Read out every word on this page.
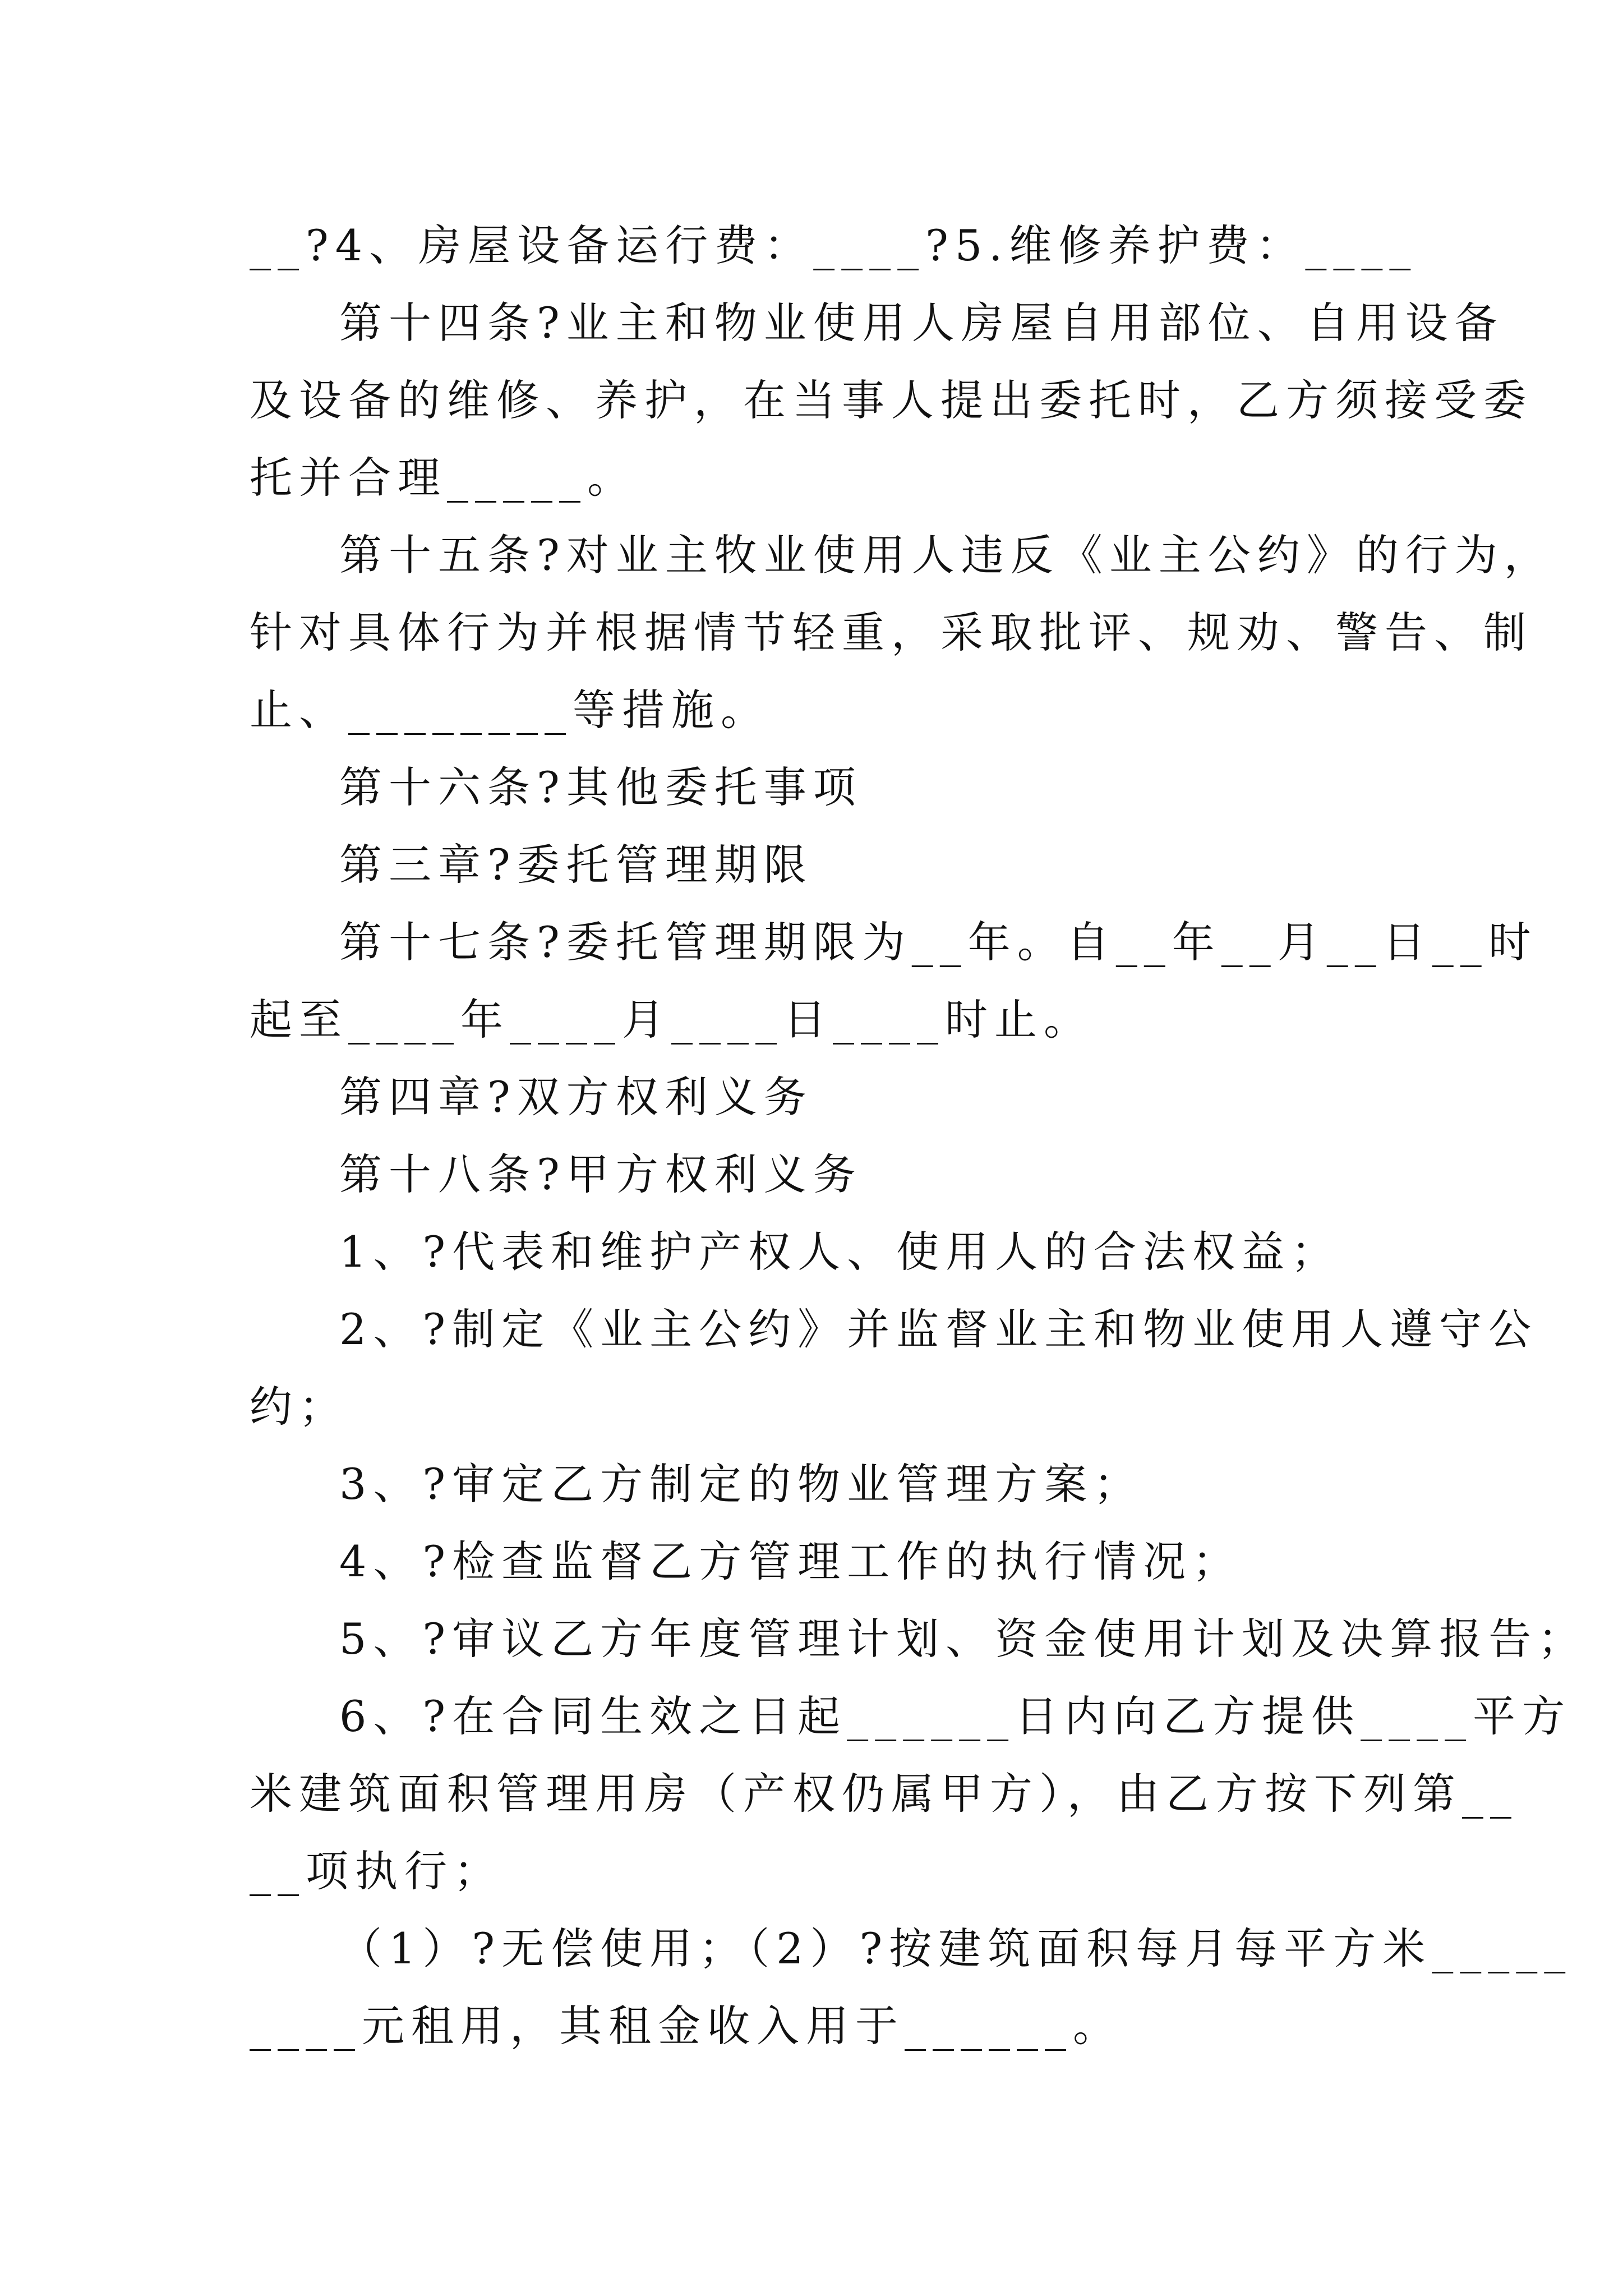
__?4、房屋设备运行费：____?5.维修养护费：____
第十四条?业主和物业使用人房屋自用部位、自用设备
及设备的维修、养护，在当事人提出委托时，乙方须接受委
托并合理_____。
第十五条?对业主牧业使用人违反《业主公约》的行为，
针对具体行为并根据情节轻重，采取批评、规劝、警告、制
止、________等措施。
第十六条?其他委托事项
第三章?委托管理期限
第十七条?委托管理期限为__年。自__年__月__日__时
起至____年____月____日____时止。
第四章?双方权利义务
第十八条?甲方权利义务
1、?代表和维护产权人、使用人的合法权益；
2、?制定《业主公约》并监督业主和物业使用人遵守公
约；
3、?审定乙方制定的物业管理方案；
4、?检查监督乙方管理工作的执行情况；
5、?审议乙方年度管理计划、资金使用计划及决算报告；
6、?在合同生效之日起______日内向乙方提供____平方
米建筑面积管理用房（产权仍属甲方），由乙方按下列第__
__项执行；
（1）?无偿使用；（2）?按建筑面积每月每平方米_____
____元租用，其租金收入用于______。
